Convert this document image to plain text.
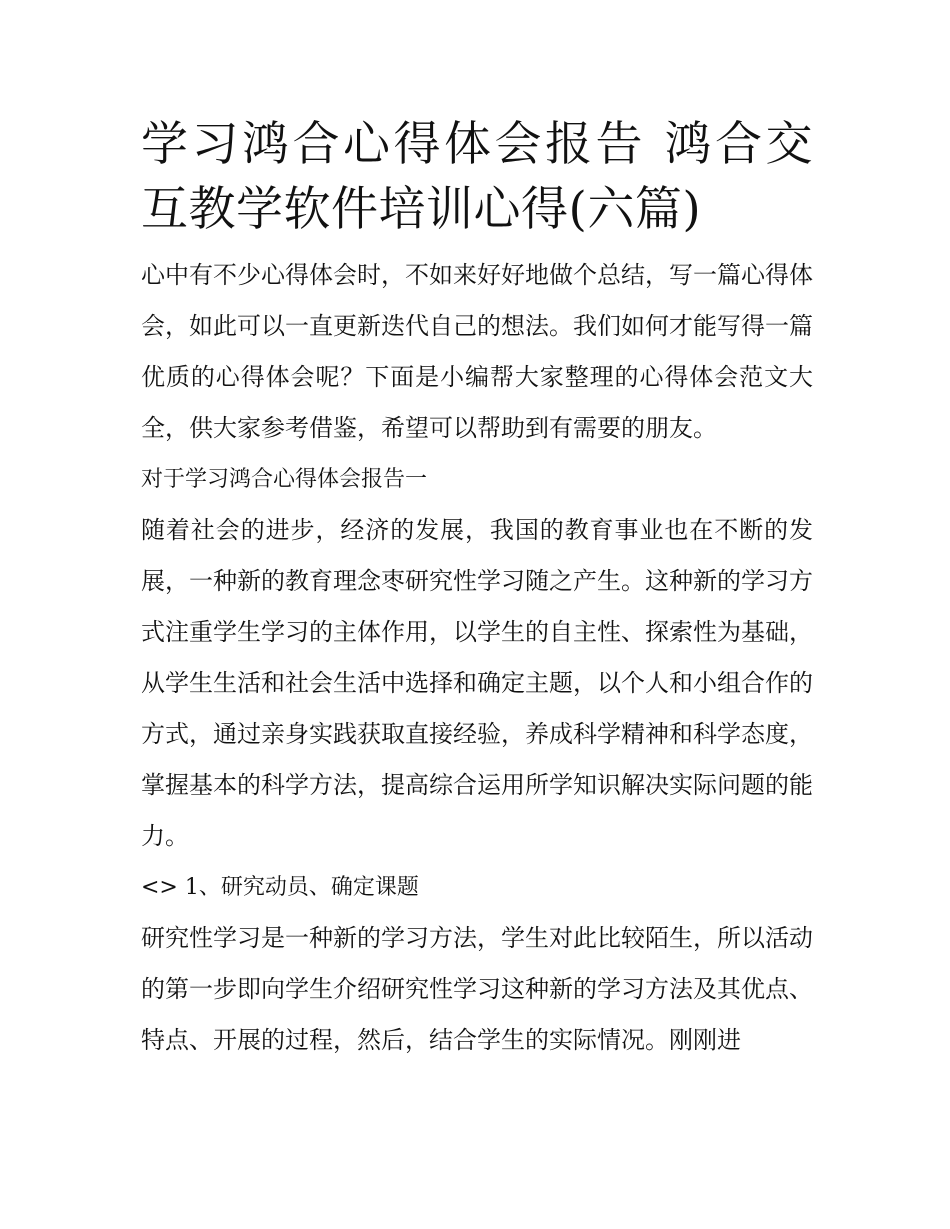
学习鸿合心得体会报告 鸿合交互教学软件培训心得(六篇)

心中有不少心得体会时，不如来好好地做个总结，写一篇心得体会，如此可以一直更新迭代自己的想法。我们如何才能写得一篇优质的心得体会呢？下面是小编帮大家整理的心得体会范文大全，供大家参考借鉴，希望可以帮助到有需要的朋友。

对于学习鸿合心得体会报告一

随着社会的进步，经济的发展，我国的教育事业也在不断的发展，一种新的教育理念枣研究性学习随之产生。这种新的学习方式注重学生学习的主体作用，以学生的自主性、探索性为基础，从学生生活和社会生活中选择和确定主题，以个人和小组合作的方式，通过亲身实践获取直接经验，养成科学精神和科学态度，掌握基本的科学方法，提高综合运用所学知识解决实际问题的能力。

<> 1、研究动员、确定课题

研究性学习是一种新的学习方法，学生对此比较陌生，所以活动的第一步即向学生介绍研究性学习这种新的学习方法及其优点、特点、开展的过程，然后，结合学生的实际情况。刚刚进
